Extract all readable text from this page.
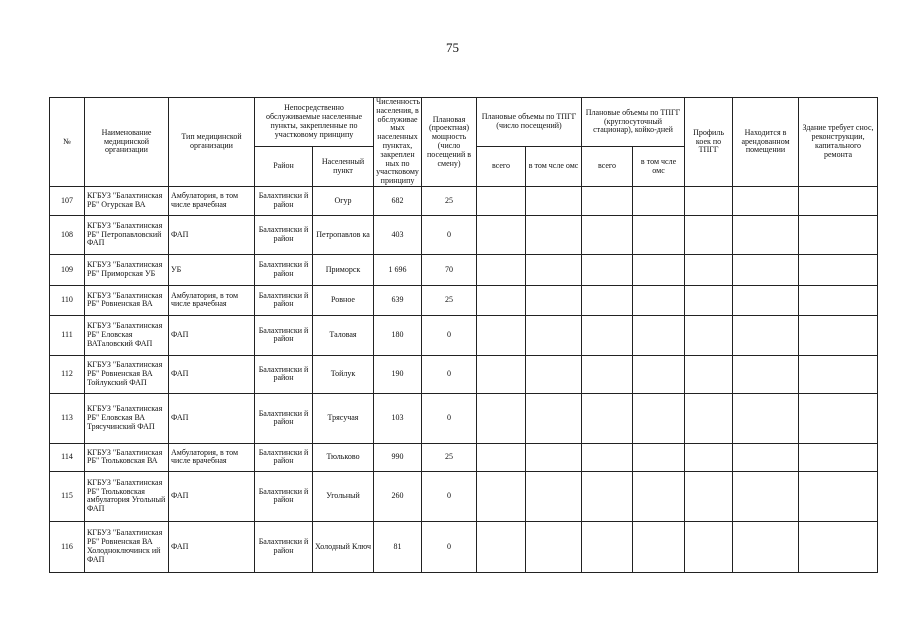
75
№	Наименование медицинской организации	Тип медицинской организации	Непосредственно обслуживаемые населенные пункты, закрепленные по участковому принципу		Численность населения, в обслуживае мых населенных пунктах, закреплен ных по участковому принципу	Плановая (проектная) мощность (число посещений в смену)	Плановые объемы по ТПГГ (число посещений)		Плановые объемы по ТПГГ (круглосуточный стационар), койко-дней		Профиль коек по ТПГГ	Находится в арендованном помещении	Здание требует снос, реконструкции, капитального ремонта
			Район	Населенный пункт			всего	в том чсле омс	всего	в том чсле омс			
107	КГБУЗ "Балахтинская РБ" Огурская ВА	Амбулатория, в том числе врачебная	Балахтински й район	Огур	682	25							
108	КГБУЗ "Балахтинская РБ" Петропавловский ФАП	ФАП	Балахтински й район	Петропавлов ка	403	0							
109	КГБУЗ "Балахтинская РБ" Приморская УБ	УБ	Балахтински й район	Приморск	1 696	70							
110	КГБУЗ "Балахтинская РБ" Ровненская ВА	Амбулатория, в том числе врачебная	Балахтински й район	Ровное	639	25							
111	КГБУЗ "Балахтинская РБ" Еловская ВАТаловский ФАП	ФАП	Балахтински й район	Таловая	180	0							
112	КГБУЗ "Балахтинская РБ" Ровненская ВА Тойлукский ФАП	ФАП	Балахтински й район	Тойлук	190	0							
113	КГБУЗ "Балахтинская РБ" Еловская ВА Трясучинский ФАП	ФАП	Балахтински й район	Трясучая	103	0							
114	КГБУЗ "Балахтинская РБ" Тюльковская ВА	Амбулатория, в том числе врачебная	Балахтински й район	Тюльково	990	25							
115	КГБУЗ "Балахтинская РБ" Тюльковская амбулатория Угольный ФАП	ФАП	Балахтински й район	Угольный	260	0							
116	КГБУЗ "Балахтинская РБ" Ровненская ВА Холодноключинск ий ФАП	ФАП	Балахтински й район	Холодный Ключ	81	0							
